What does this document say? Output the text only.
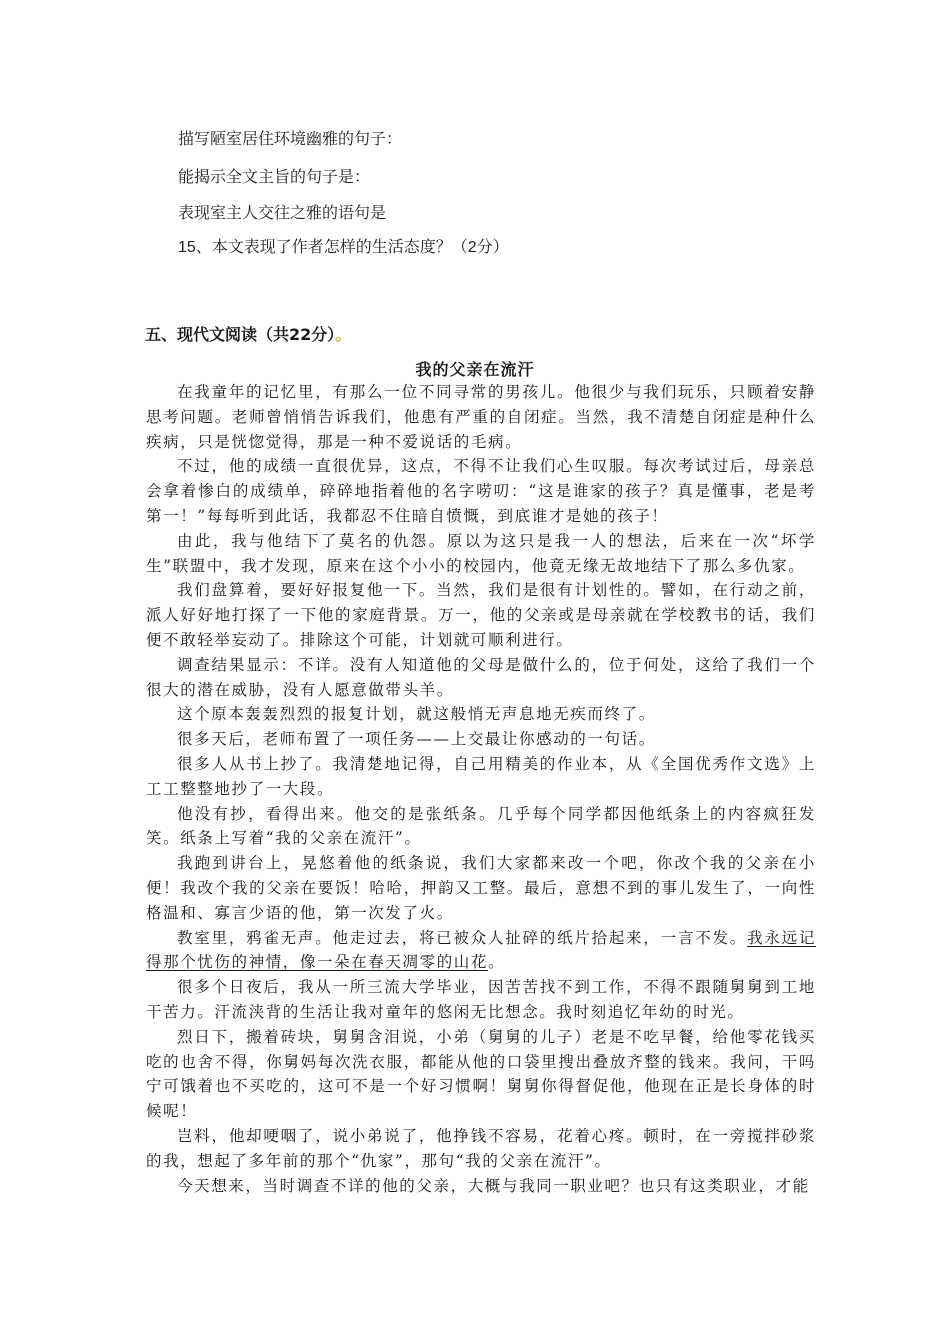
描写陋室居住环境幽雅的句子：
能揭示全文主旨的句子是：
表现室主人交往之雅的语句是
15、本文表现了作者怎样的生活态度？（2分）
五、现代文阅读（共22分）。
我的父亲在流汗

在我童年的记忆里，有那么一位不同寻常的男孩儿。他很少与我们玩乐，只顾着安静思考问题。老师曾悄悄告诉我们，他患有严重的自闭症。当然，我不清楚自闭症是种什么疾病，只是恍惚觉得，那是一种不爱说话的毛病。

不过，他的成绩一直很优异，这点，不得不让我们心生叹服。每次考试过后，母亲总会拿着惨白的成绩单，碎碎地指着他的名字唠叨：“这是谁家的孩子？真是懂事，老是考第一！”每每听到此话，我都忍不住暗自愤慨，到底谁才是她的孩子！

由此，我与他结下了莫名的仇怨。原以为这只是我一人的想法，后来在一次“坏学生”联盟中，我才发现，原来在这个小小的校园内，他竟无缘无故地结下了那么多仇家。

我们盘算着，要好好报复他一下。当然，我们是很有计划性的。譬如，在行动之前，派人好好地打探了一下他的家庭背景。万一，他的父亲或是母亲就在学校教书的话，我们便不敢轻举妄动了。排除这个可能，计划就可顺利进行。

调查结果显示：不详。没有人知道他的父母是做什么的，位于何处，这给了我们一个很大的潜在威胁，没有人愿意做带头羊。

这个原本轰轰烈烈的报复计划，就这般悄无声息地无疾而终了。

很多天后，老师布置了一项任务——上交最让你感动的一句话。

很多人从书上抄了。我清楚地记得，自己用精美的作业本，从《全国优秀作文选》上工工整整地抄了一大段。

他没有抄，看得出来。他交的是张纸条。几乎每个同学都因他纸条上的内容疯狂发笑。纸条上写着“我的父亲在流汗”。

我跑到讲台上，晃悠着他的纸条说，我们大家都来改一个吧，你改个我的父亲在小便！我改个我的父亲在要饭！哈哈，押韵又工整。最后，意想不到的事儿发生了，一向性格温和、寡言少语的他，第一次发了火。

教室里，鸦雀无声。他走过去，将已被众人扯碎的纸片拾起来，一言不发。我永远记得那个忧伤的神情，像一朵在春天凋零的山花。

很多个日夜后，我从一所三流大学毕业，因苦苦找不到工作，不得不跟随舅舅到工地干苦力。汗流浃背的生活让我对童年的悠闲无比想念。我时刻追忆年幼的时光。

烈日下，搬着砖块，舅舅含泪说，小弟（舅舅的儿子）老是不吃早餐，给他零花钱买吃的也舍不得，你舅妈每次洗衣服，都能从他的口袋里搜出叠放齐整的钱来。我问，干吗宁可饿着也不买吃的，这可不是一个好习惯啊！舅舅你得督促他，他现在正是长身体的时候呢！

岂料，他却哽咽了，说小弟说了，他挣钱不容易，花着心疼。顿时，在一旁搅拌砂浆的我，想起了多年前的那个“仇家”，那句“我的父亲在流汗”。

今天想来，当时调查不详的他的父亲，大概与我同一职业吧？也只有这类职业，才能
